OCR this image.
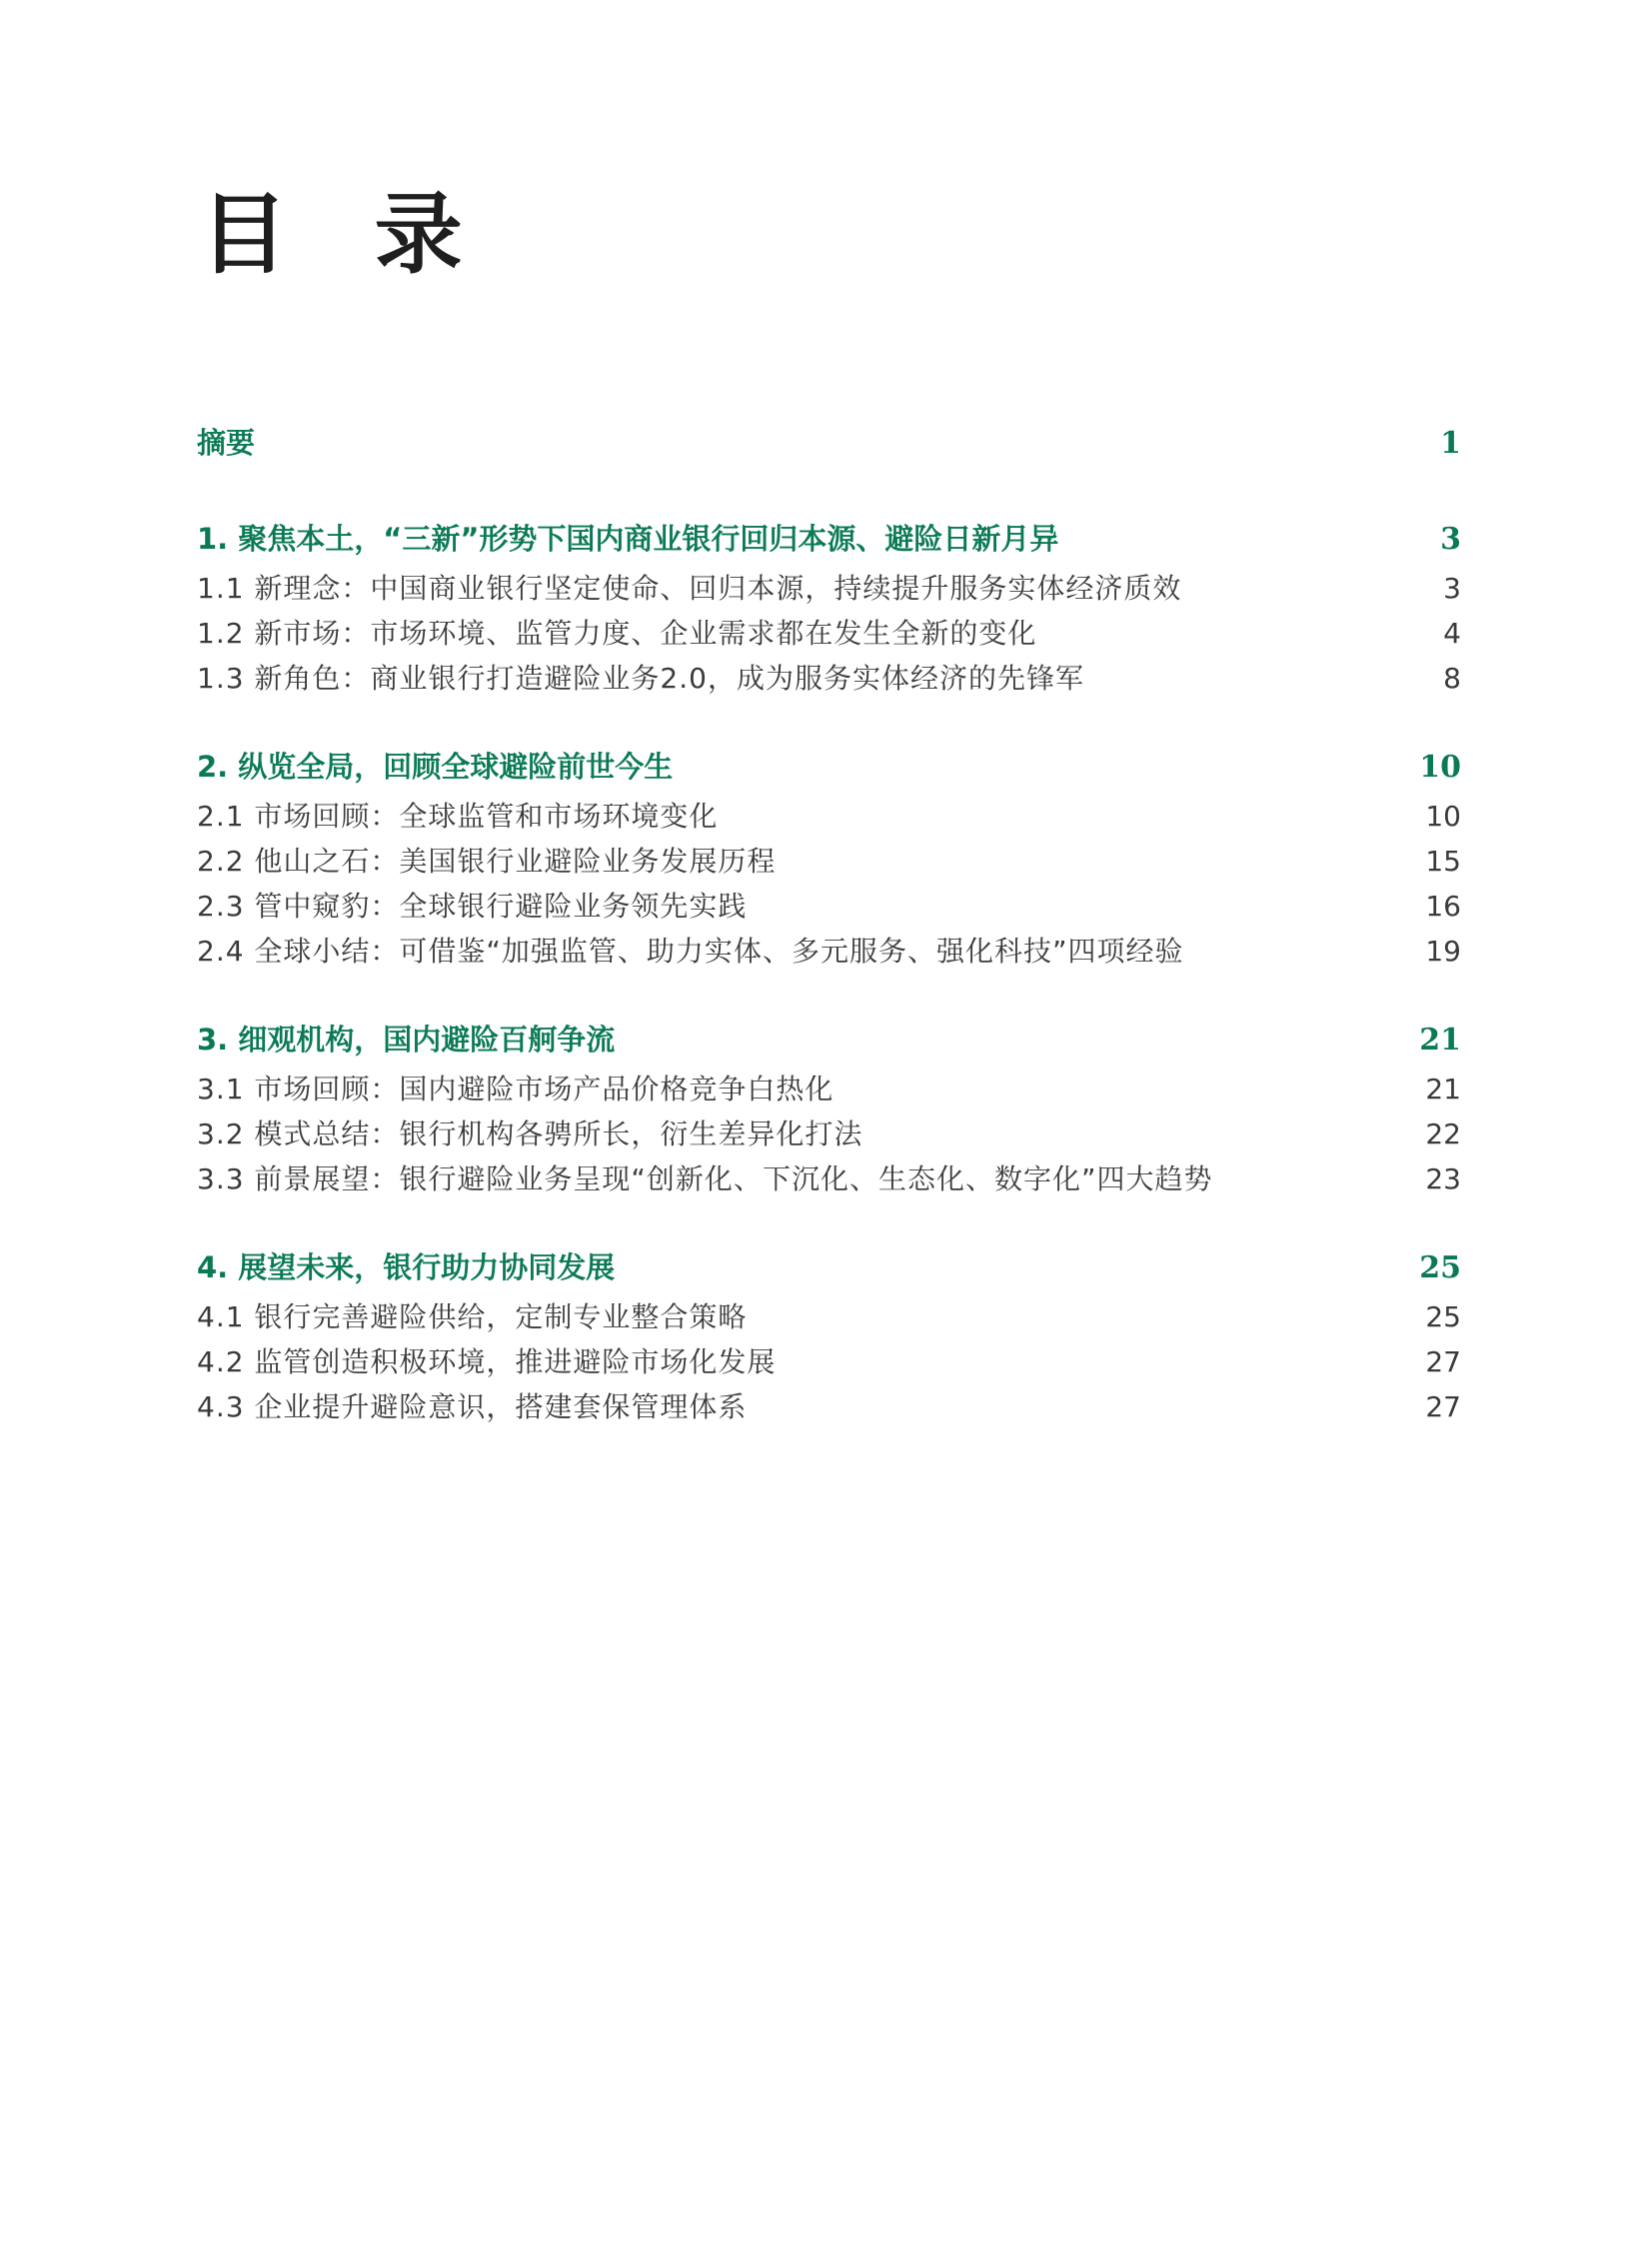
目 录
摘要	1
1. 聚焦本土，“三新”形势下国内商业银行回归本源、避险日新月异	3
1.1 新理念：中国商业银行坚定使命、回归本源，持续提升服务实体经济质效	3
1.2 新市场：市场环境、监管力度、企业需求都在发生全新的变化	4
1.3 新角色：商业银行打造避险业务2.0，成为服务实体经济的先锋军	8
2. 纵览全局，回顾全球避险前世今生	10
2.1 市场回顾：全球监管和市场环境变化	10
2.2 他山之石：美国银行业避险业务发展历程	15
2.3 管中窥豹：全球银行避险业务领先实践	16
2.4 全球小结：可借鉴“加强监管、助力实体、多元服务、强化科技”四项经验	19
3. 细观机构，国内避险百舸争流	21
3.1 市场回顾：国内避险市场产品价格竞争白热化	21
3.2 模式总结：银行机构各骋所长，衍生差异化打法	22
3.3 前景展望：银行避险业务呈现“创新化、下沉化、生态化、数字化”四大趋势	23
4. 展望未来，银行助力协同发展	25
4.1 银行完善避险供给，定制专业整合策略	25
4.2 监管创造积极环境，推进避险市场化发展	27
4.3 企业提升避险意识，搭建套保管理体系	27
